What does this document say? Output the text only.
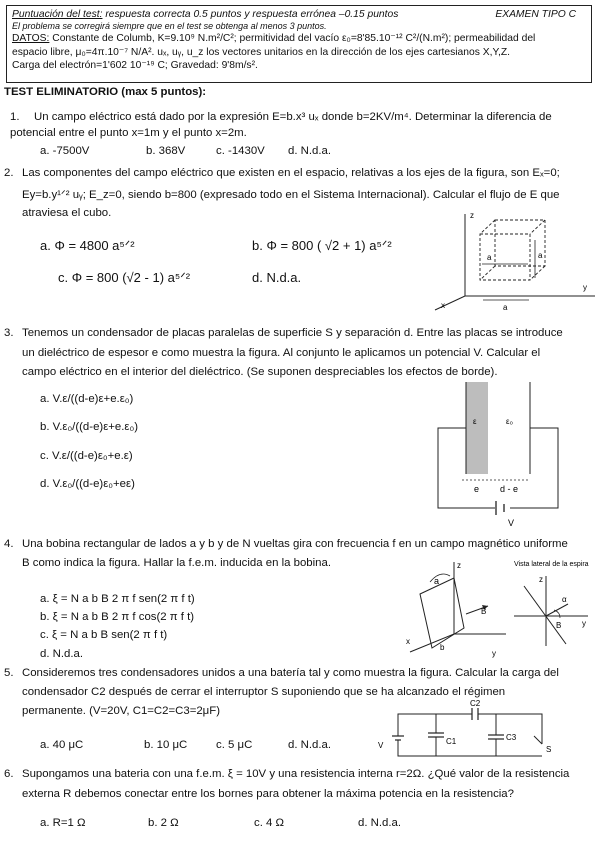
Puntuación del test: respuesta correcta 0.5 puntos y respuesta errónea –0.15 puntos	EXAMEN TIPO C
El problema se corregirá siempre que en el test se obtenga al menos 3 puntos.
DATOS: Constante de Columb, K=9.10⁹ N.m²/C²; permitividad del vacío ε₀=8'85.10⁻¹² C²/(N.m²); permeabilidad del
espacio libre, μ₀=4π.10⁻⁷ N/A². uₓ, uᵧ, u_z los vectores unitarios en la dirección de los ejes cartesianos X,Y,Z.
Carga del electrón=1'602 10⁻¹⁹ C; Gravedad: 9'8m/s².
TEST ELIMINATORIO (max 5 puntos):
1. Un campo eléctrico está dado por la expresión E=b.x³ uₓ donde b=2KV/m⁴. Determinar la diferencia de
potencial entre el punto x=1m y el punto x=2m.
a. -7500V	b. 368V	c. -1430V d. N.d.a.
2. Las componentes del campo eléctrico que existen en el espacio, relativas a los ejes de la figura, son Eₓ=0;
Ey=b.y¹ᐟ² uᵧ; E_z=0, siendo b=800 (expresado todo en el Sistema Internacional). Calcular el flujo de E que
atraviesa el cubo.
a. Φ = 4800 a⁵ᐟ²	b. Φ = 800 ( √2 + 1) a⁵ᐟ²
c. Φ = 800 (√2 - 1) a⁵ᐟ²	d. N.d.a.
z
y
x
a	a
a
3. Tenemos un condensador de placas paralelas de superficie S y separación d. Entre las placas se introduce
un dieléctrico de espesor e como muestra la figura. Al conjunto le aplicamos un potencial V. Calcular el
campo eléctrico en el interior del dieléctrico. (Se suponen despreciables los efectos de borde).
a. V.ε/((d-e)ε+e.ε₀)
b. V.ε₀/((d-e)ε+e.ε₀)
c. V.ε/((d-e)ε₀+e.ε)
d. V.ε₀/((d-e)ε₀+eε)
ε	ε₀
e d - e
V
4. Una bobina rectangular de lados a y b y de N vueltas gira con frecuencia f en un campo magnético uniforme
B como indica la figura. Hallar la f.e.m. inducida en la bobina.
a. ξ = N a b B 2 π f sen(2 π f t)
b. ξ = N a b B 2 π f cos(2 π f t)
c. ξ = N a b B sen(2 π f t)
d. N.d.a.
Vista lateral de la espira
z
a
b
B
x
y
z
α
B	y
5. Consideremos tres condensadores unidos a una batería tal y como muestra la figura. Calcular la carga del
condensador C2 después de cerrar el interruptor S suponiendo que se ha alcanzado el régimen
permanente. (V=20V, C1=C2=C3=2μF)
a. 40 μC	b. 10 μC	c. 5 μC	d. N.d.a.
C2
C1	C3
V	S
6. Supongamos una bateria con una f.e.m. ξ = 10V y una resistencia interna r=2Ω. ¿Qué valor de la resistencia
externa R debemos conectar entre los bornes para obtener la máxima potencia en la resistencia?
a. R=1 Ω	b. 2 Ω	c. 4 Ω	d. N.d.a.
